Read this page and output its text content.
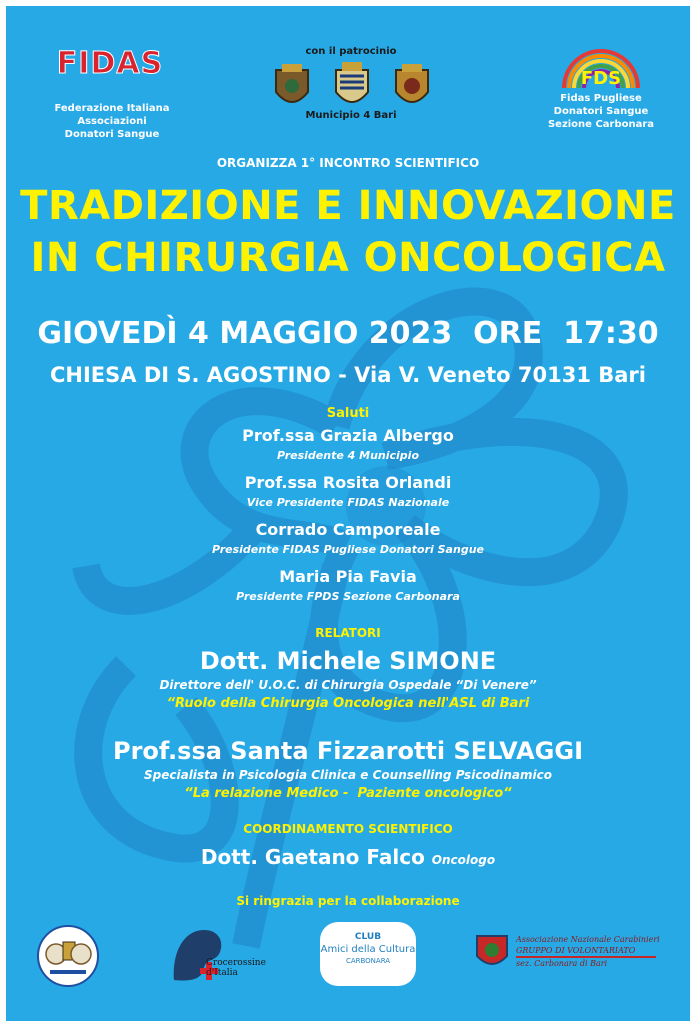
FIDAS
Federazione Italiana
Associazioni
Donatori Sangue
con il patrocinio
Municipio 4 Bari
FDS
Fidas Pugliese
Donatori Sangue
Sezione Carbonara
ORGANIZZA 1° INCONTRO SCIENTIFICO
TRADIZIONE E INNOVAZIONE
IN CHIRURGIA ONCOLOGICA
GIOVEDÌ 4 MAGGIO 2023  ORE  17:30
CHIESA DI S. AGOSTINO - Via V. Veneto 70131 Bari
Saluti
Prof.ssa Grazia Albergo
Presidente 4 Municipio
Prof.ssa Rosita Orlandi
Vice Presidente FIDAS Nazionale
Corrado Camporeale
Presidente FIDAS Pugliese Donatori Sangue
Maria Pia Favia
Presidente FPDS Sezione Carbonara
RELATORI
Dott. Michele SIMONE
Direttore dell' U.O.C. di Chirurgia Ospedale “Di Venere”
“Ruolo della Chirurgia Oncologica nell'ASL di Bari
Prof.ssa Santa Fizzarotti SELVAGGI
Specialista in Psicologia Clinica e Counselling Psicodinamico
“La relazione Medico -  Paziente oncologico“
COORDINAMENTO SCIENTIFICO
Dott. Gaetano Falco Oncologo
Si ringrazia per la collaborazione
Crocerossine
d'Italia
CLUB
Amici della Cultura
CARBONARA
Associazione Nazionale Carabinieri
GRUPPO DI VOLONTARIATO
sez. Carbonara di Bari
